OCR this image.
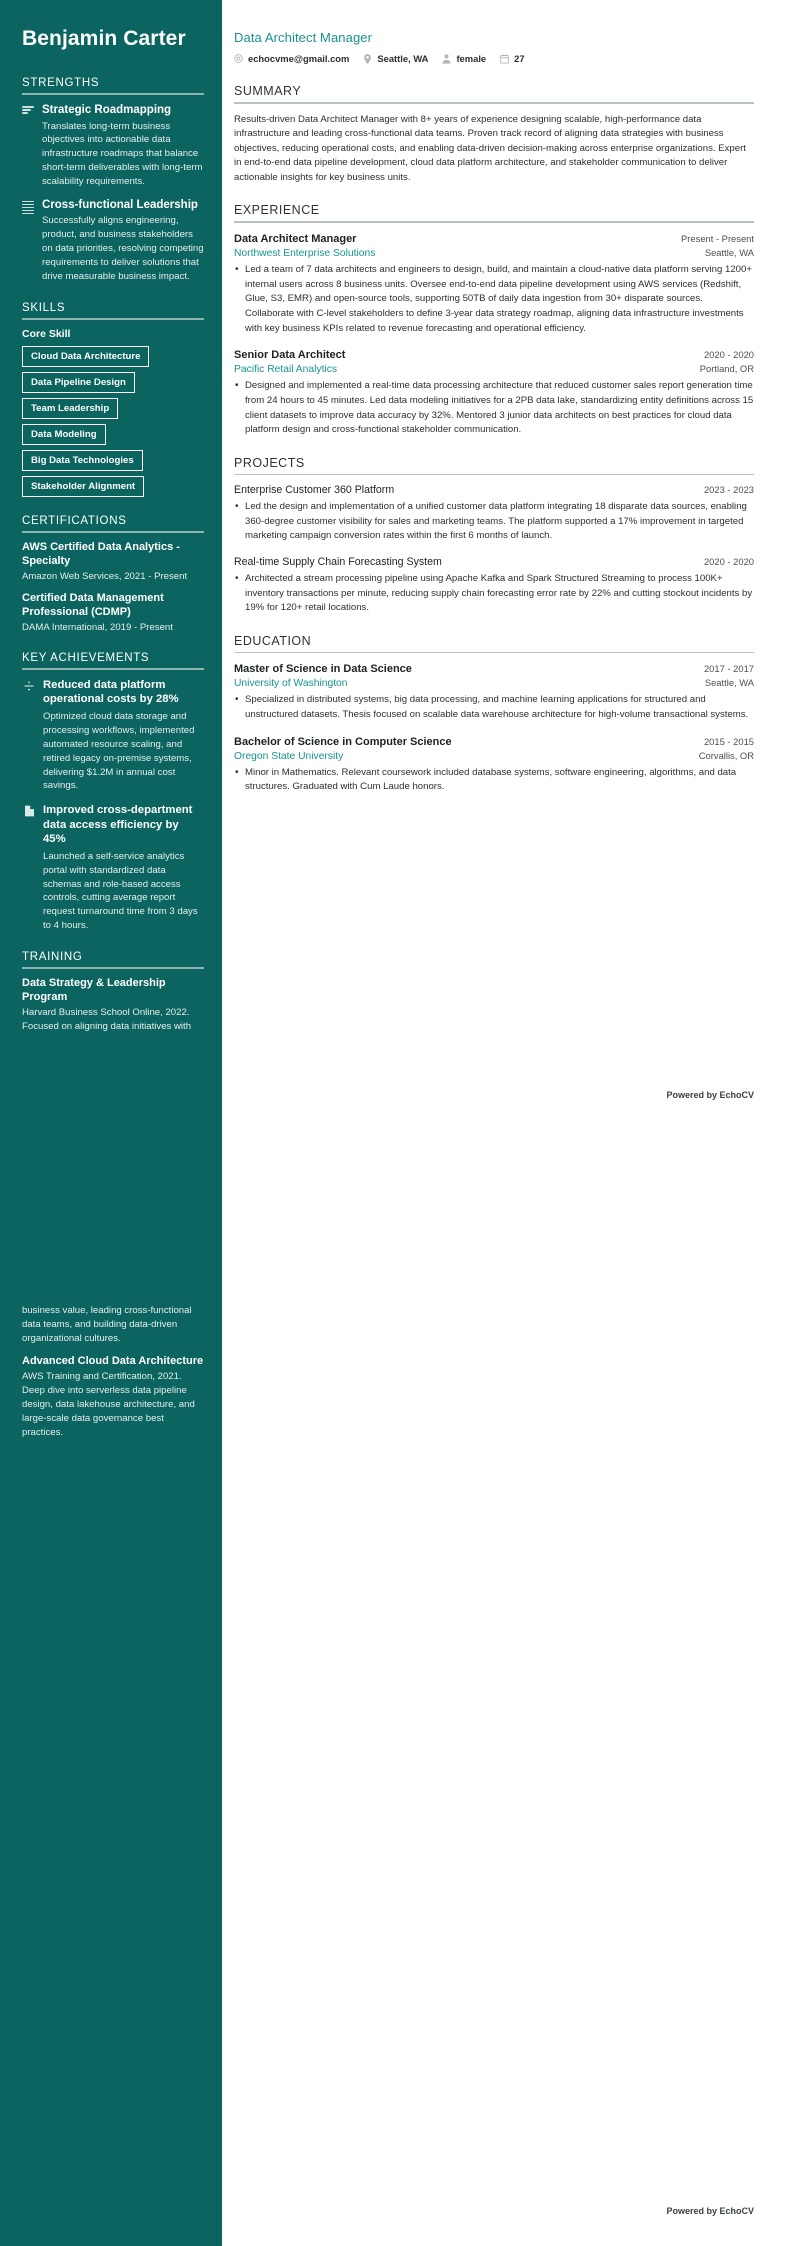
Benjamin Carter
STRENGTHS
Strategic Roadmapping
Translates long-term business objectives into actionable data infrastructure roadmaps that balance short-term deliverables with long-term scalability requirements.
Cross-functional Leadership
Successfully aligns engineering, product, and business stakeholders on data priorities, resolving competing requirements to deliver solutions that drive measurable business impact.
SKILLS
Core Skill
Cloud Data Architecture
Data Pipeline Design
Team Leadership
Data Modeling
Big Data Technologies
Stakeholder Alignment
CERTIFICATIONS
AWS Certified Data Analytics - Specialty
Amazon Web Services, 2021 - Present
Certified Data Management Professional (CDMP)
DAMA International, 2019 - Present
KEY ACHIEVEMENTS
Reduced data platform operational costs by 28%
Optimized cloud data storage and processing workflows, implemented automated resource scaling, and retired legacy on-premise systems, delivering $1.2M in annual cost savings.
Improved cross-department data access efficiency by 45%
Launched a self-service analytics portal with standardized data schemas and role-based access controls, cutting average report request turnaround time from 3 days to 4 hours.
TRAINING
Data Strategy & Leadership Program
Harvard Business School Online, 2022. Focused on aligning data initiatives with
business value, leading cross-functional data teams, and building data-driven organizational cultures.
Advanced Cloud Data Architecture
AWS Training and Certification, 2021. Deep dive into serverless data pipeline design, data lakehouse architecture, and large-scale data governance best practices.
Data Architect Manager
echocvme@gmail.com	Seattle, WA	female	27
SUMMARY

Results-driven Data Architect Manager with 8+ years of experience designing scalable, high-performance data infrastructure and leading cross-functional data teams. Proven track record of aligning data strategies with business objectives, reducing operational costs, and enabling data-driven decision-making across enterprise organizations. Expert in end-to-end data pipeline development, cloud data platform architecture, and stakeholder communication to deliver actionable insights for key business units.

EXPERIENCE
Data Architect Manager	Present - Present
Northwest Enterprise Solutions	Seattle, WA
• Led a team of 7 data architects and engineers to design, build, and maintain a cloud-native data platform serving 1200+ internal users across 8 business units. Oversee end-to-end data pipeline development using AWS services (Redshift, Glue, S3, EMR) and open-source tools, supporting 50TB of daily data ingestion from 30+ disparate sources. Collaborate with C-level stakeholders to define 3-year data strategy roadmap, aligning data infrastructure investments with key business KPIs related to revenue forecasting and operational efficiency.
Senior Data Architect	2020 - 2020
Pacific Retail Analytics	Portland, OR
• Designed and implemented a real-time data processing architecture that reduced customer sales report generation time from 24 hours to 45 minutes. Led data modeling initiatives for a 2PB data lake, standardizing entity definitions across 15 client datasets to improve data accuracy by 32%. Mentored 3 junior data architects on best practices for cloud data platform design and cross-functional stakeholder communication.
PROJECTS
Enterprise Customer 360 Platform	2023 - 2023
• Led the design and implementation of a unified customer data platform integrating 18 disparate data sources, enabling 360-degree customer visibility for sales and marketing teams. The platform supported a 17% improvement in targeted marketing campaign conversion rates within the first 6 months of launch.
Real-time Supply Chain Forecasting System	2020 - 2020
• Architected a stream processing pipeline using Apache Kafka and Spark Structured Streaming to process 100K+ inventory transactions per minute, reducing supply chain forecasting error rate by 22% and cutting stockout incidents by 19% for 120+ retail locations.
EDUCATION
Master of Science in Data Science	2017 - 2017
University of Washington	Seattle, WA
• Specialized in distributed systems, big data processing, and machine learning applications for structured and unstructured datasets. Thesis focused on scalable data warehouse architecture for high-volume transactional systems.
Bachelor of Science in Computer Science	2015 - 2015
Oregon State University	Corvallis, OR
• Minor in Mathematics. Relevant coursework included database systems, software engineering, algorithms, and data structures. Graduated with Cum Laude honors.
Powered by EchoCV
Powered by EchoCV
